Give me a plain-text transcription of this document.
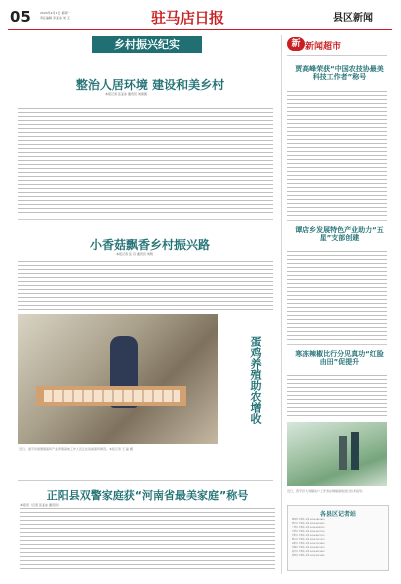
05	2024年4月1日 星期一
责任编辑 李亚冰 刘 玉	驻马店日报	县区新闻
乡村振兴纪实
整治人居环境 建设和美乡村
本报记者 张亚冰 通讯员 刘建国
小香菇飘香乡村振兴路
本报记者 张 丹 通讯员 刘明
蛋鸡养殖助农增收
近日，遂平县褚堡镇蛋鸡产业养殖基地工作人员正在查看蛋鸡情况。本报记者 王 磊 摄
正阳县双警家庭获“河南省最美家庭”称号
本报讯（记者 张亚冰 通讯员）
新 新闻超市
贾高峰荣获“中国农技协最美科技工作者”称号
谭店乡发展特色产业助力“五星”支部创建
寒冻辣椒比行分见真功“红脸由田”促提升
近日，西平县大刘镇农户工作者在辣椒基地进行技术指导。
各县区记者站
驿城区 记者站 电话 0396-2815861
西平县 记者站 电话 0396-6261651
上蔡县 记者站 电话 0396-6996751
平舆县 记者站 电话 0396-5021755
正阳县 记者站 电话 0396-8021115
确山县 记者站 电话 0396-7021121
泌阳县 记者站 电话 0396-7921451
汝南县 记者站 电话 0396-8021231
遂平县 记者站 电话 0396-4921452
新蔡县 记者站 电话 0396-5921541
